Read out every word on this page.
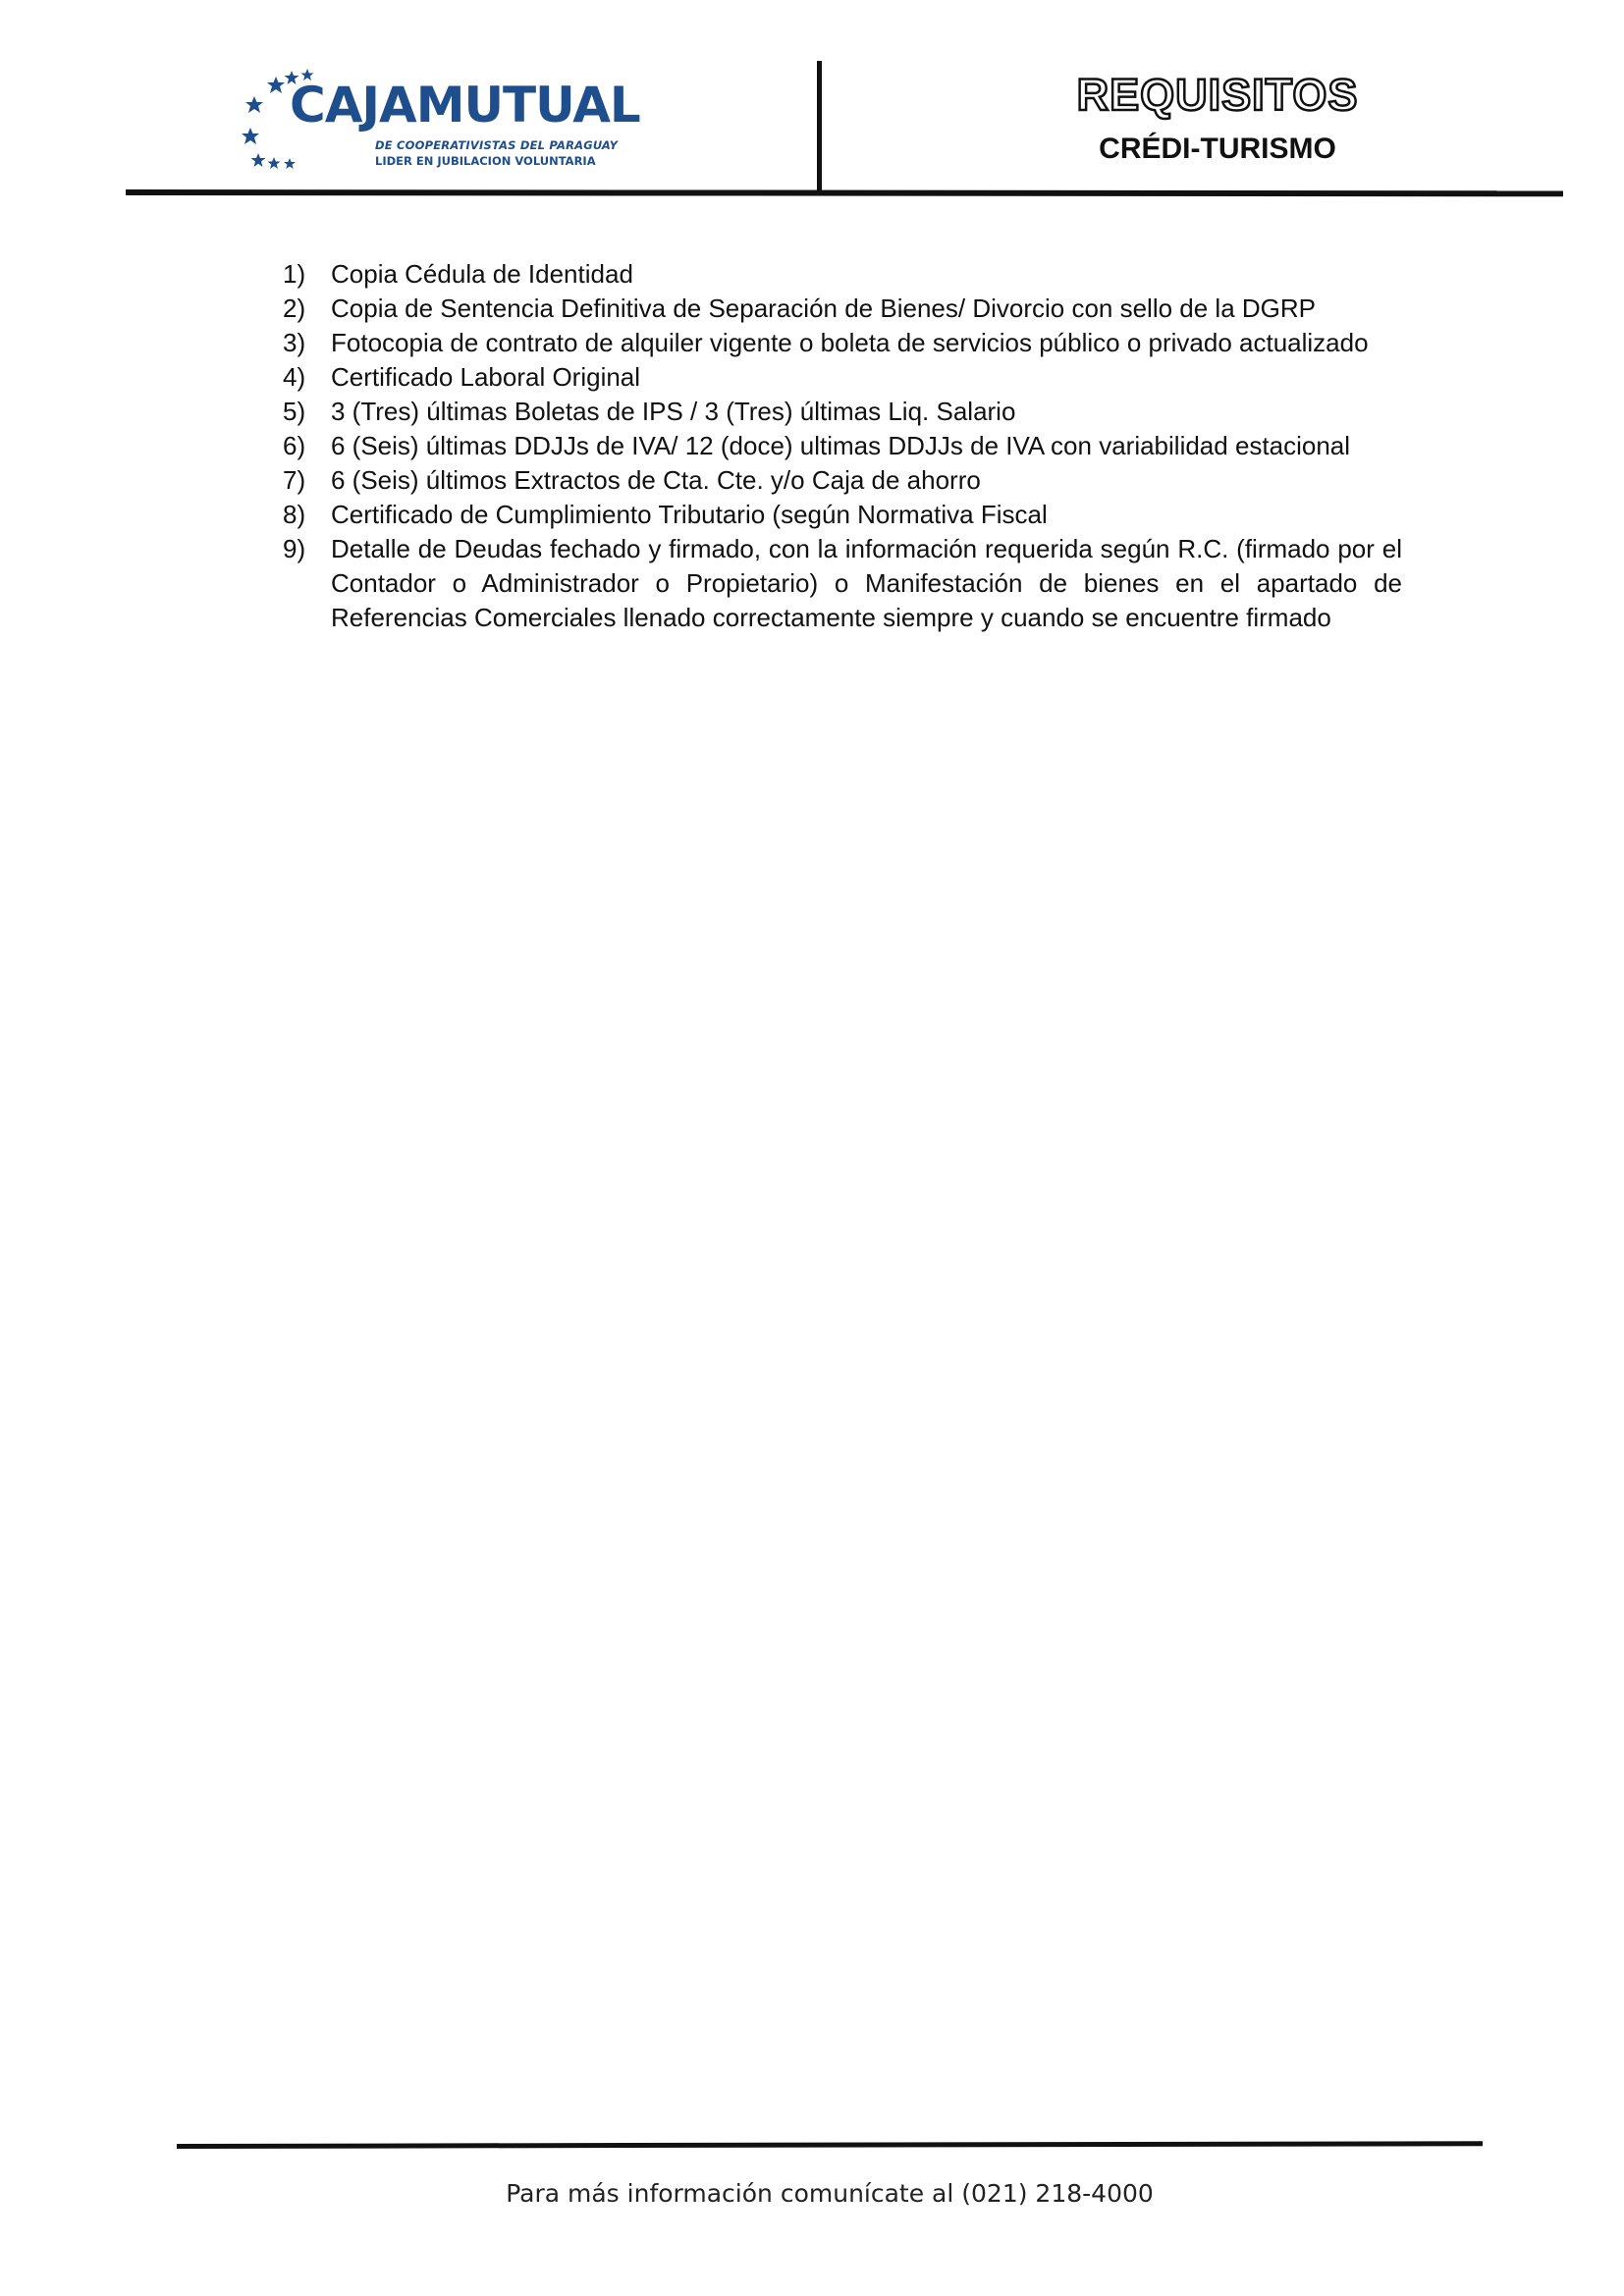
CAJAMUTUAL
DE COOPERATIVISTAS DEL PARAGUAY
LIDER EN JUBILACION VOLUNTARIA
REQUISITOS
CRÉDI-TURISMO
1) Copia Cédula de Identidad
2) Copia de Sentencia Definitiva de Separación de Bienes/ Divorcio con sello de la DGRP
3) Fotocopia de contrato de alquiler vigente o boleta de servicios público o privado actualizado
4) Certificado Laboral Original
5) 3 (Tres) últimas Boletas de IPS / 3 (Tres) últimas Liq. Salario
6) 6 (Seis) últimas DDJJs de IVA/ 12 (doce) ultimas DDJJs de IVA con variabilidad estacional
7) 6 (Seis) últimos Extractos de Cta. Cte. y/o Caja de ahorro
8) Certificado de Cumplimiento Tributario (según Normativa Fiscal
9) Detalle de Deudas fechado y firmado, con la información requerida según R.C. (firmado por el Contador o Administrador o Propietario) o Manifestación de bienes en el apartado de Referencias Comerciales llenado correctamente siempre y cuando se encuentre firmado

Para más información comunícate al (021) 218-4000
